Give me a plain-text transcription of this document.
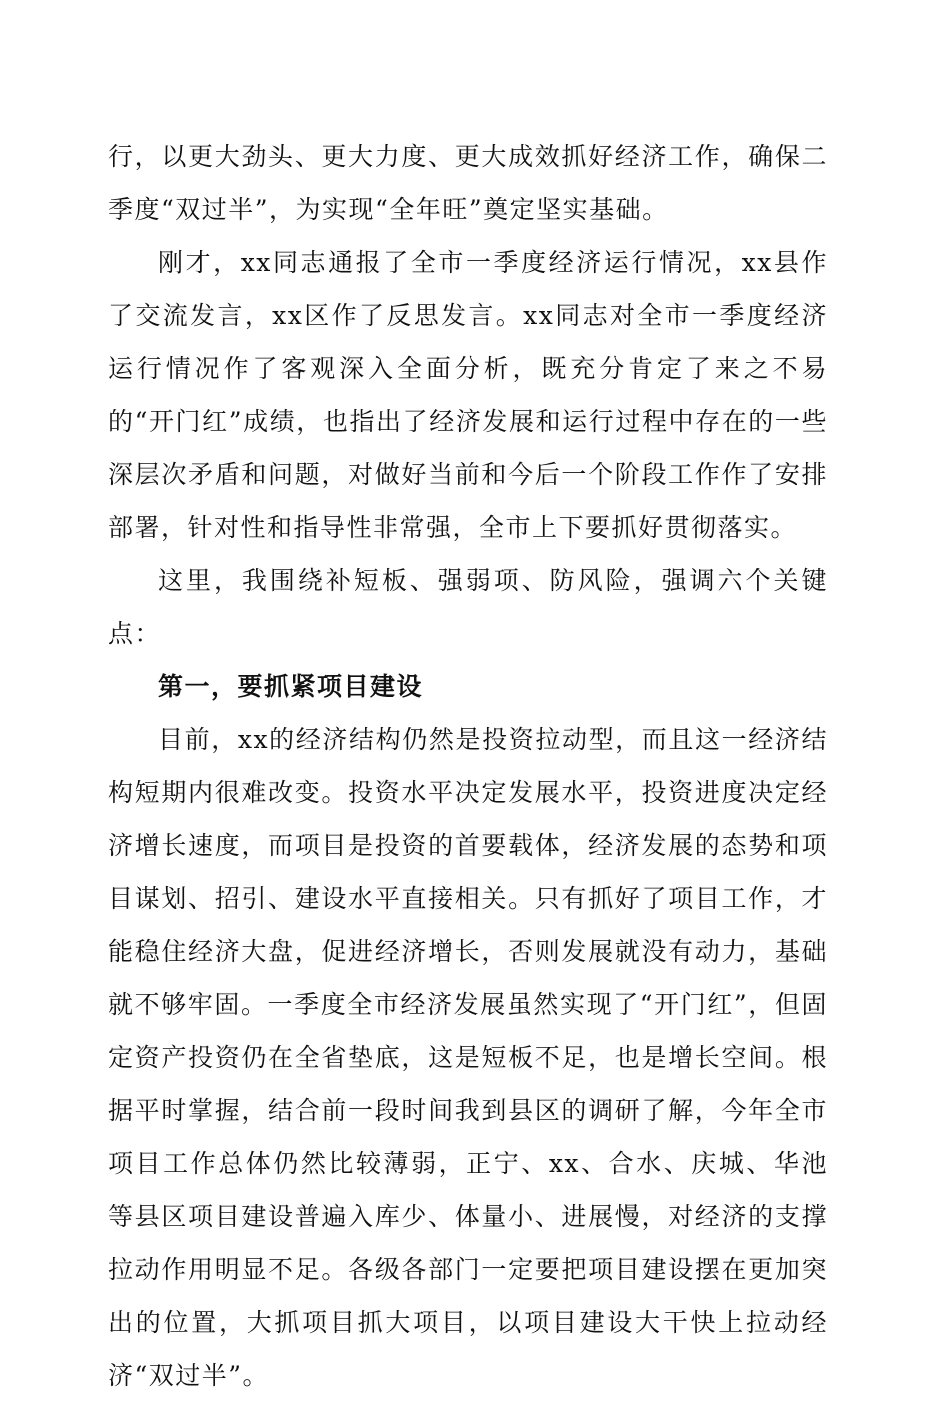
行，以更大劲头、更大力度、更大成效抓好经济工作，确保二季度“双过半”，为实现“全年旺”奠定坚实基础。

刚才，xx同志通报了全市一季度经济运行情况，xx县作了交流发言，xx区作了反思发言。xx同志对全市一季度经济运行情况作了客观深入全面分析，既充分肯定了来之不易的“开门红”成绩，也指出了经济发展和运行过程中存在的一些深层次矛盾和问题，对做好当前和今后一个阶段工作作了安排部署，针对性和指导性非常强，全市上下要抓好贯彻落实。

这里，我围绕补短板、强弱项、防风险，强调六个关键点：

第一，要抓紧项目建设

目前，xx的经济结构仍然是投资拉动型，而且这一经济结构短期内很难改变。投资水平决定发展水平，投资进度决定经济增长速度，而项目是投资的首要载体，经济发展的态势和项目谋划、招引、建设水平直接相关。只有抓好了项目工作，才能稳住经济大盘，促进经济增长，否则发展就没有动力，基础就不够牢固。一季度全市经济发展虽然实现了“开门红”，但固定资产投资仍在全省垫底，这是短板不足，也是增长空间。根据平时掌握，结合前一段时间我到县区的调研了解，今年全市项目工作总体仍然比较薄弱，正宁、xx、合水、庆城、华池等县区项目建设普遍入库少、体量小、进展慢，对经济的支撑拉动作用明显不足。各级各部门一定要把项目建设摆在更加突出的位置，大抓项目抓大项目，以项目建设大干快上拉动经济“双过半”。
